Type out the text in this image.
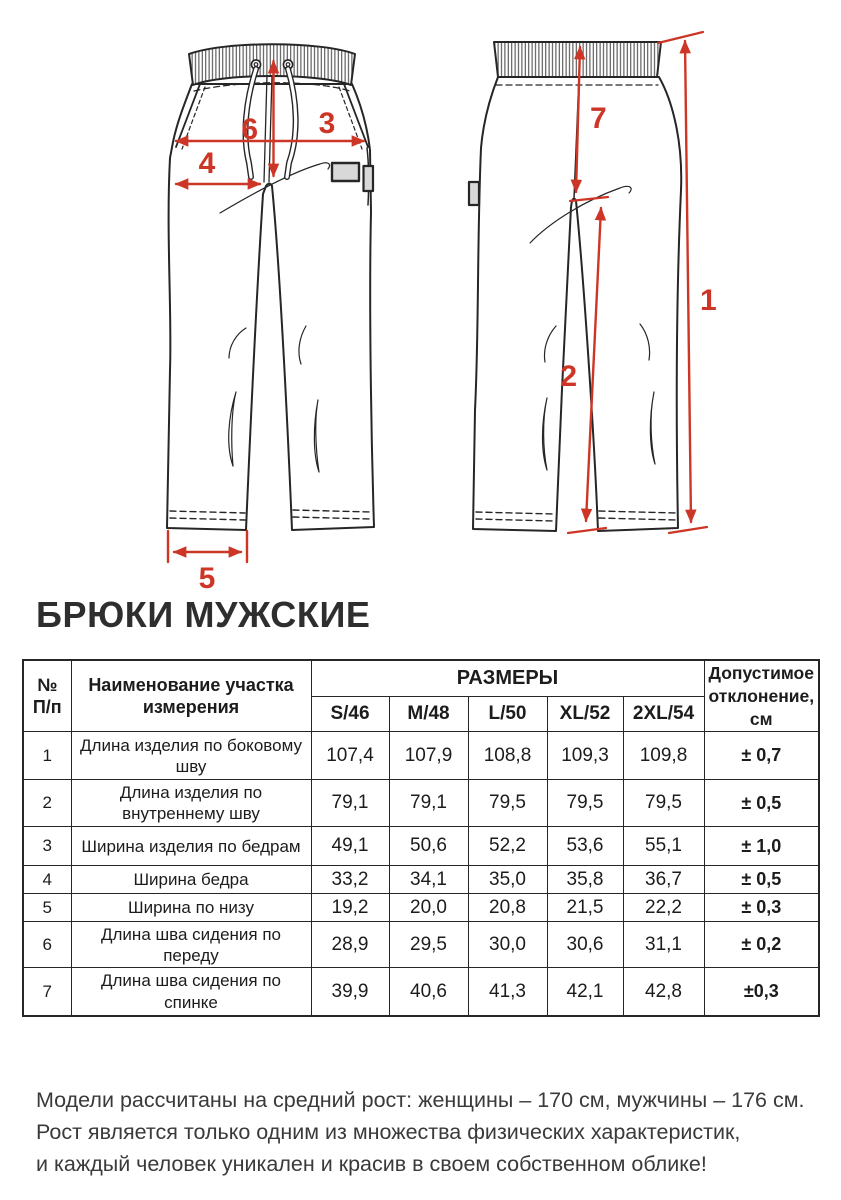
6 3
4
5
7
2
1
БРЮКИ МУЖСКИЕ
№
П/п	Наименование участка измерения	РАЗМЕРЫ					Допустимое отклонение, см
		S/46	M/48	L/50	XL/52	2XL/54	
1	Длина изделия по боковому шву	107,4	107,9	108,8	109,3	109,8	± 0,7
2	Длина изделия по внутреннему шву	79,1	79,1	79,5	79,5	79,5	± 0,5
3	Ширина изделия по бедрам	49,1	50,6	52,2	53,6	55,1	± 1,0
4	Ширина бедра	33,2	34,1	35,0	35,8	36,7	± 0,5
5	Ширина по низу	19,2	20,0	20,8	21,5	22,2	± 0,3
6	Длина шва сидения по переду	28,9	29,5	30,0	30,6	31,1	± 0,2
7	Длина шва сидения по спинке	39,9	40,6	41,3	42,1	42,8	±0,3
Модели рассчитаны на средний рост: женщины – 170 см, мужчины – 176 см.
Рост является только одним из множества физических характеристик,
и каждый человек уникален и красив в своем собственном облике!
